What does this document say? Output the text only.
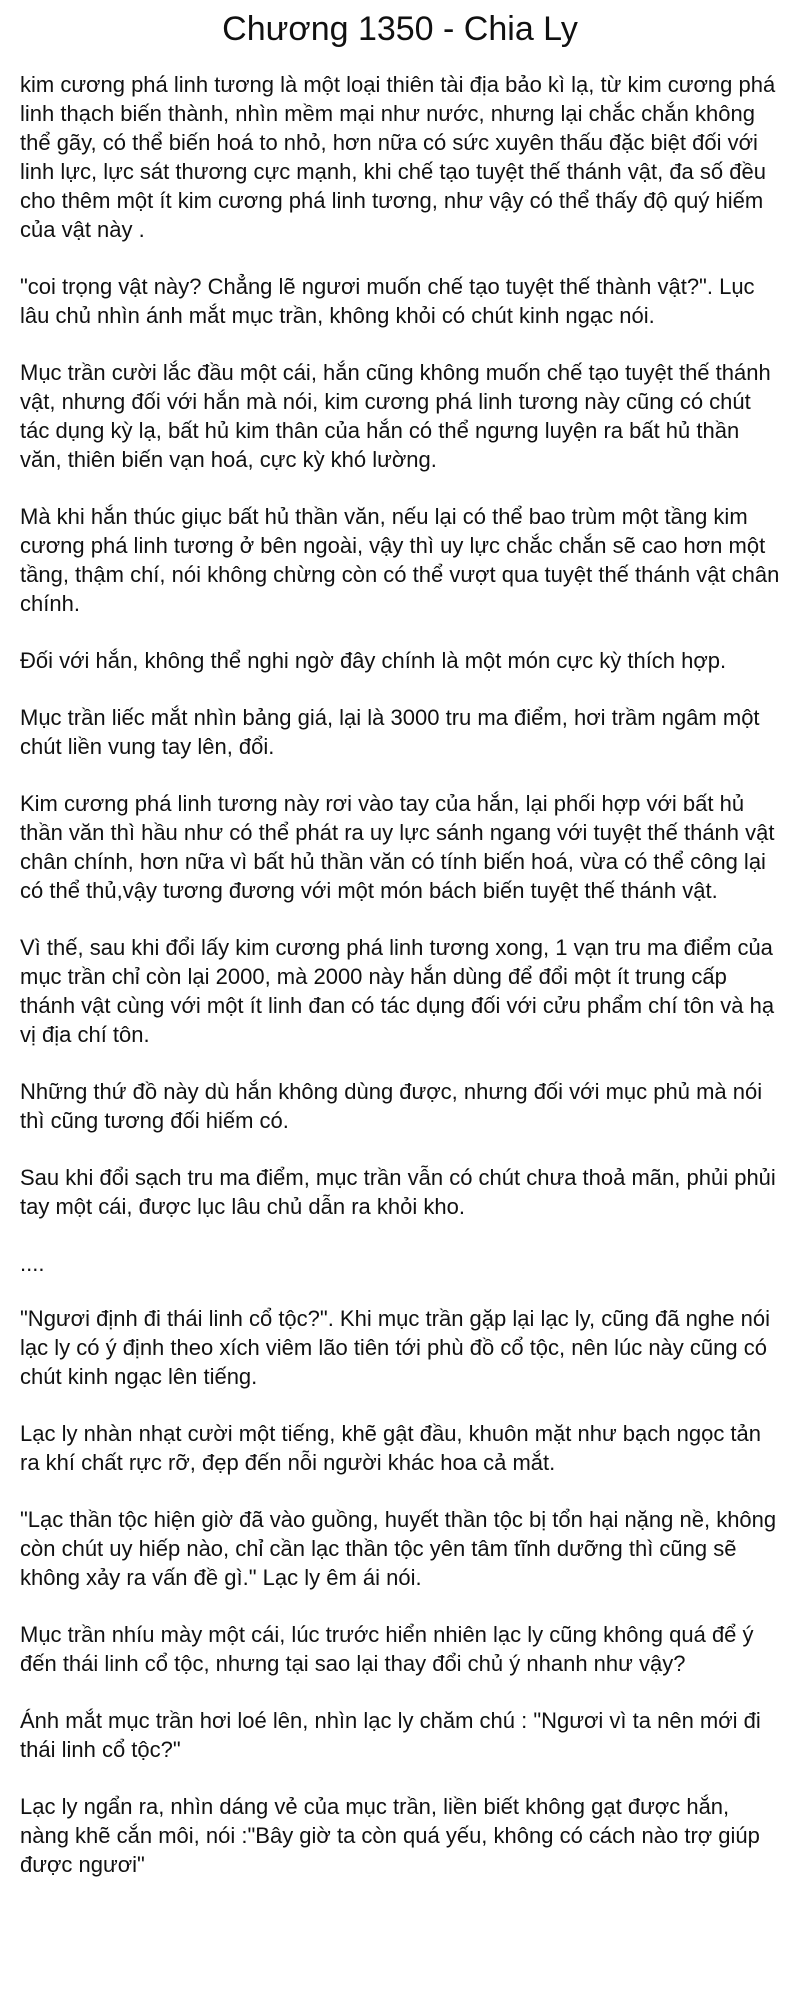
Chương 1350 - Chia Ly

kim cương phá linh tương là một loại thiên tài địa bảo kì lạ, từ kim cương phá linh thạch biến thành, nhìn mềm mại như nước, nhưng lại chắc chắn không thể gãy, có thể biến hoá to nhỏ, hơn nữa có sức xuyên thấu đặc biệt đối với linh lực, lực sát thương cực mạnh, khi chế tạo tuyệt thế thánh vật, đa số đều cho thêm một ít kim cương phá linh tương, như vậy có thể thấy độ quý hiếm của vật này .

"coi trọng vật này? Chẳng lẽ ngươi muốn chế tạo tuyệt thế thành vật?". Lục lâu chủ nhìn ánh mắt mục trần, không khỏi có chút kinh ngạc nói.

Mục trần cười lắc đầu một cái, hắn cũng không muốn chế tạo tuyệt thế thánh vật, nhưng đối với hắn mà nói, kim cương phá linh tương này cũng có chút tác dụng kỳ lạ, bất hủ kim thân của hắn có thể ngưng luyện ra bất hủ thần văn, thiên biến vạn hoá, cực kỳ khó lường.

Mà khi hắn thúc giục bất hủ thần văn, nếu lại có thể bao trùm một tầng kim cương phá linh tương ở bên ngoài, vậy thì uy lực chắc chắn sẽ cao hơn một tầng, thậm chí, nói không chừng còn có thể vượt qua tuyệt thế thánh vật chân chính.

Đối với hắn, không thể nghi ngờ đây chính là một món cực kỳ thích hợp.

Mục trần liếc mắt nhìn bảng giá, lại là 3000 tru ma điểm, hơi trầm ngâm một chút liền vung tay lên, đổi.

Kim cương phá linh tương này rơi vào tay của hắn, lại phối hợp với bất hủ thần văn thì hầu như có thể phát ra uy lực sánh ngang với tuyệt thế thánh vật chân chính, hơn nữa vì bất hủ thần văn có tính biến hoá, vừa có thể công lại có thể thủ,vậy tương đương với một món bách biến tuyệt thế thánh vật.

Vì thế, sau khi đổi lấy kim cương phá linh tương xong, 1 vạn tru ma điểm của mục trần chỉ còn lại 2000, mà 2000 này hắn dùng để đổi một ít trung cấp thánh vật cùng với một ít linh đan có tác dụng đối với cửu phẩm chí tôn và hạ vị địa chí tôn.

Những thứ đồ này dù hắn không dùng được, nhưng đối với mục phủ mà nói thì cũng tương đối hiếm có.

Sau khi đổi sạch tru ma điểm, mục trần vẫn có chút chưa thoả mãn, phủi phủi tay một cái, được lục lâu chủ dẫn ra khỏi kho.

....

"Ngươi định đi thái linh cổ tộc?". Khi mục trần gặp lại lạc ly, cũng đã nghe nói lạc ly có ý định theo xích viêm lão tiên tới phù đồ cổ tộc, nên lúc này cũng có chút kinh ngạc lên tiếng.

Lạc ly nhàn nhạt cười một tiếng, khẽ gật đầu, khuôn mặt như bạch ngọc tản ra khí chất rực rỡ, đẹp đến nỗi người khác hoa cả mắt.

"Lạc thần tộc hiện giờ đã vào guồng, huyết thần tộc bị tổn hại nặng nề, không còn chút uy hiếp nào, chỉ cần lạc thần tộc yên tâm tĩnh dưỡng thì cũng sẽ không xảy ra vấn đề gì." Lạc ly êm ái nói.

Mục trần nhíu mày một cái, lúc trước hiển nhiên lạc ly cũng không quá để ý đến thái linh cổ tộc, nhưng tại sao lại thay đổi chủ ý nhanh như vậy?

Ánh mắt mục trần hơi loé lên, nhìn lạc ly chăm chú : "Ngươi vì ta nên mới đi thái linh cổ tộc?"

Lạc ly ngẩn ra, nhìn dáng vẻ của mục trần, liền biết không gạt được hắn, nàng khẽ cắn môi, nói :"Bây giờ ta còn quá yếu, không có cách nào trợ giúp được ngươi"
